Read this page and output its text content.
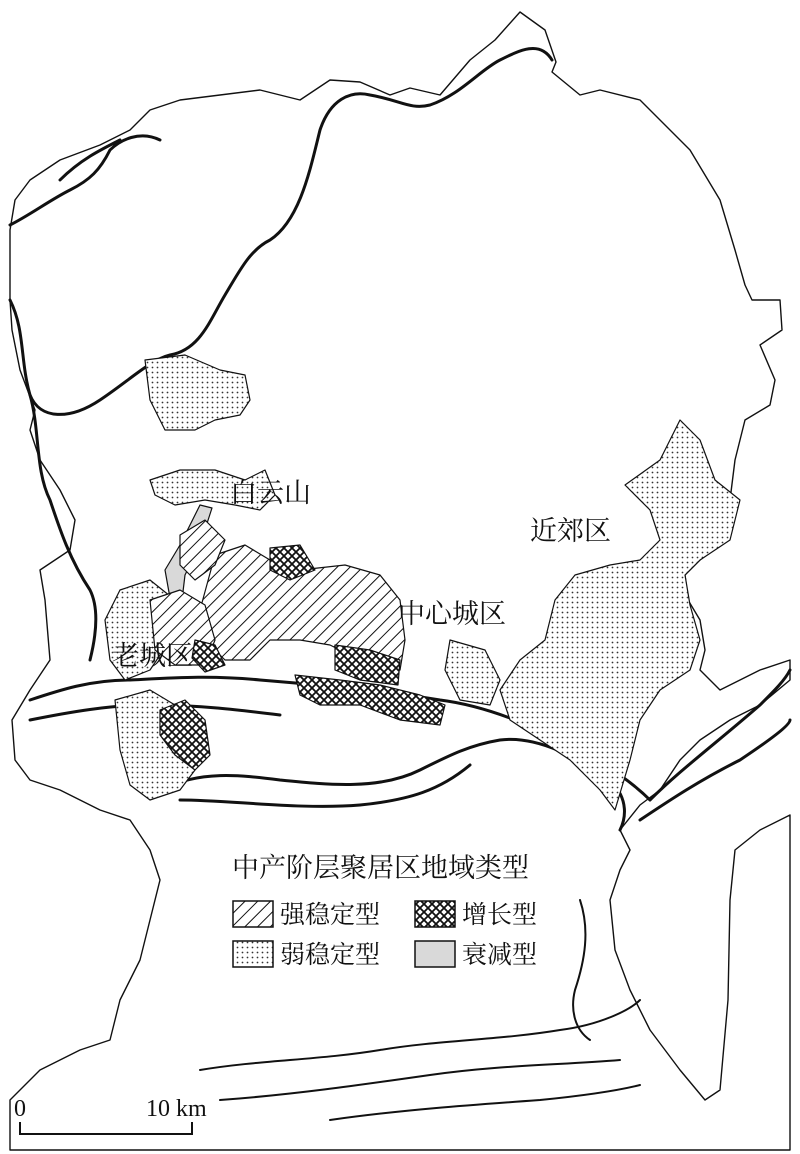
白云山
近郊区
中心城区
老城区
中产阶层聚居区地域类型
强稳定型	增长型
弱稳定型	衰减型
0	10 km
